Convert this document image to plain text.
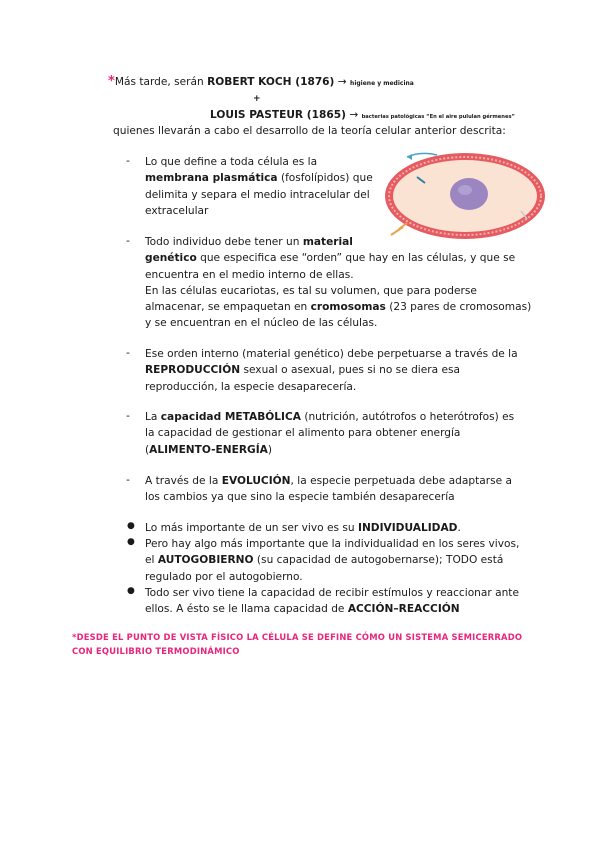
*Más tarde, serán ROBERT KOCH (1876) → higiene y medicina
+
LOUIS PASTEUR (1865) → bacterias patológicas “En el aire pululan gérmenes”
quienes llevarán a cabo el desarrollo de la teoría celular anterior descrita:
- Lo que define a toda célula es la
membrana plasmática (fosfolípidos) que
delimita y separa el medio intracelular del
extracelular
- Todo individuo debe tener un material
genético que especifica ese “orden” que hay en las células, y que se
encuentra en el medio interno de ellas.
En las células eucariotas, es tal su volumen, que para poderse
almacenar, se empaquetan en cromosomas (23 pares de cromosomas)
y se encuentran en el núcleo de las células.
- Ese orden interno (material genético) debe perpetuarse a través de la
REPRODUCCIÓN sexual o asexual, pues si no se diera esa
reproducción, la especie desaparecería.
- La capacidad METABÓLICA (nutrición, autótrofos o heterótrofos) es
la capacidad de gestionar el alimento para obtener energía
(ALIMENTO-ENERGÍA)
- A través de la EVOLUCIÓN, la especie perpetuada debe adaptarse a
los cambios ya que sino la especie también desaparecería
● Lo más importante de un ser vivo es su INDIVIDUALIDAD.
● Pero hay algo más importante que la individualidad en los seres vivos,
el AUTOGOBIERNO (su capacidad de autogobernarse); TODO está
regulado por el autogobierno.
● Todo ser vivo tiene la capacidad de recibir estímulos y reaccionar ante
ellos. A ésto se le llama capacidad de ACCIÓN–REACCIÓN
*DESDE EL PUNTO DE VISTA FÍSICO LA CÉLULA SE DEFINE CÓMO UN SISTEMA SEMICERRADO
CON EQUILIBRIO TERMODINÁMICO
